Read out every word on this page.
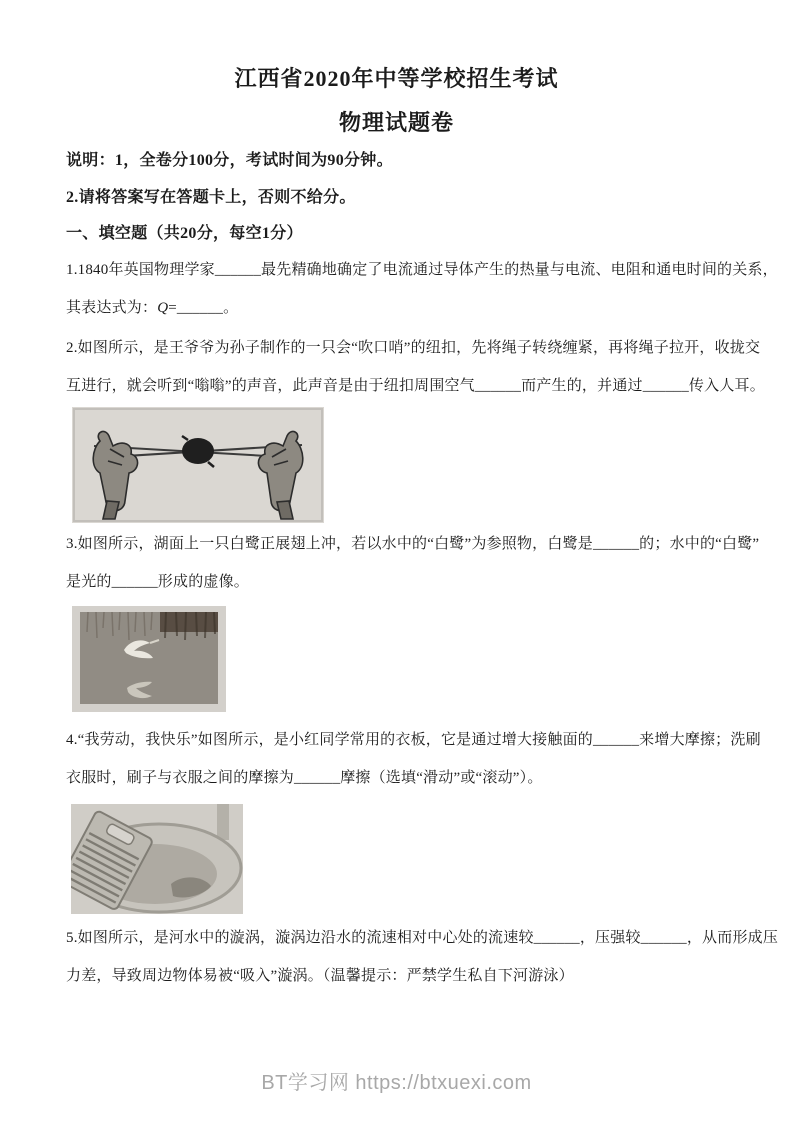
江西省2020年中等学校招生考试
物理试题卷
说明：1，全卷分100分，考试时间为90分钟。
2.请将答案写在答题卡上，否则不给分。
一、填空题（共20分，每空1分）
1.1840年英国物理学家______最先精确地确定了电流通过导体产生的热量与电流、电阻和通电时间的关系，
其表达式为：Q=______。
2.如图所示，是王爷爷为孙子制作的一只会“吹口哨”的纽扣，先将绳子转绕缠紧，再将绳子拉开，收拢交
互进行，就会听到“嗡嗡”的声音，此声音是由于纽扣周围空气______而产生的，并通过______传入人耳。
3.如图所示，湖面上一只白鹭正展翅上冲，若以水中的“白鹭”为参照物，白鹭是______的；水中的“白鹭”
是光的______形成的虚像。
4.“我劳动，我快乐”如图所示，是小红同学常用的衣板，它是通过增大接触面的______来增大摩擦；洗刷
衣服时，刷子与衣服之间的摩擦为______摩擦（选填“滑动”或“滚动”）。
5.如图所示，是河水中的漩涡，漩涡边沿水的流速相对中心处的流速较______，压强较______，从而形成压
力差，导致周边物体易被“吸入”漩涡。（温馨提示：严禁学生私自下河游泳）
BT学习网 https://btxuexi.com
